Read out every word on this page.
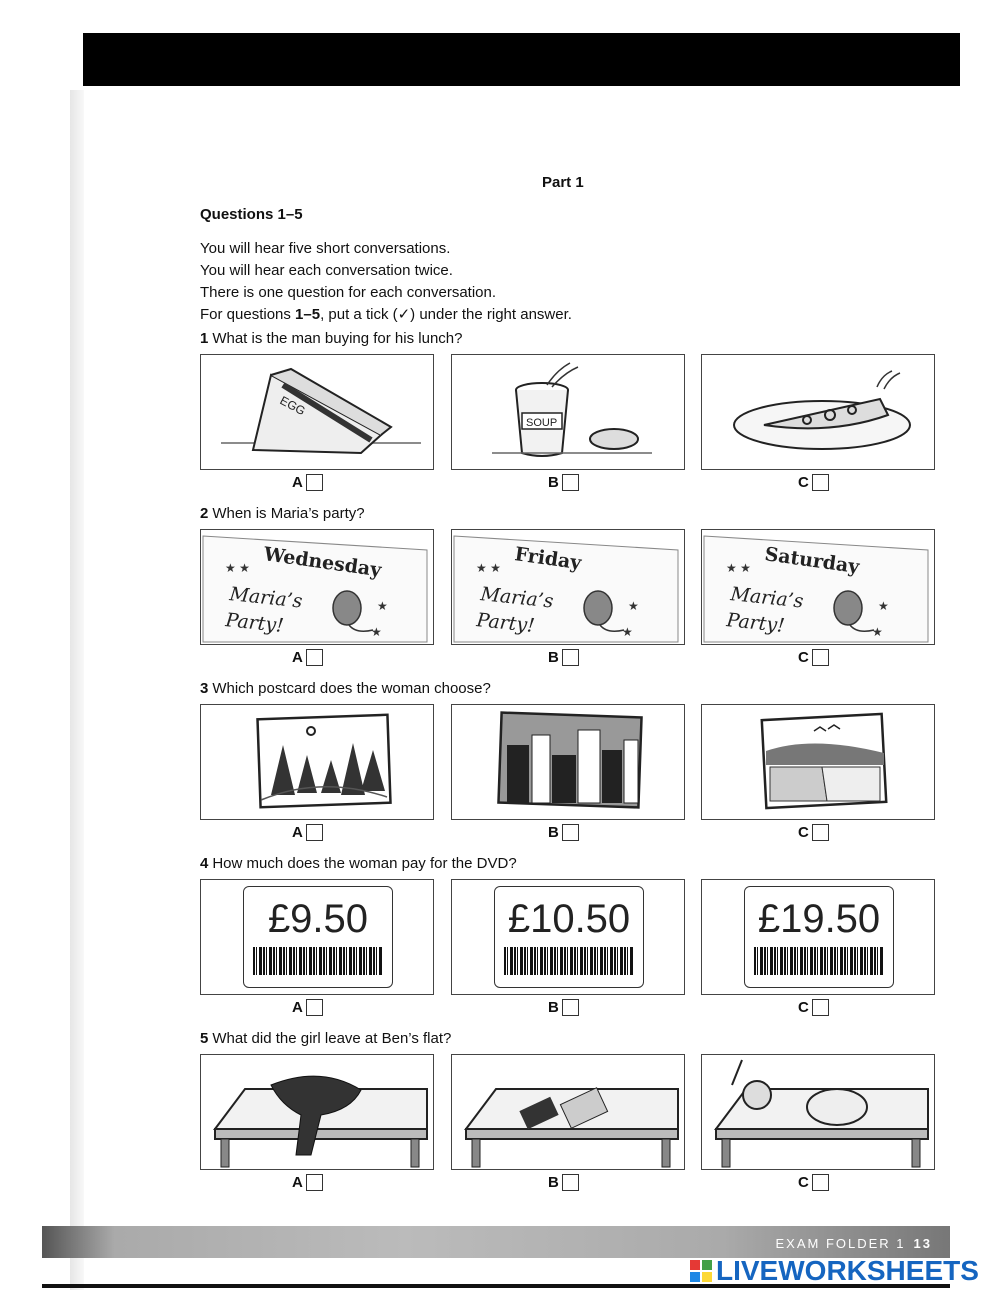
Part 1
Questions 1–5
You will hear five short conversations.
You will hear each conversation twice.
There is one question for each conversation.
For questions 1–5, put a tick (✓) under the right answer.
1 What is the man buying for his lunch?
EGG
A
SOUP
B	C
2 When is Maria’s party?
Wednesday
Maria’s
Party!
★ ★
★
★
A
Friday
Maria’s
Party!
★ ★
★
★
B
Saturday
Maria’s
Party!
★ ★
★
★
C
3 Which postcard does the woman choose?
A	B	C
4 How much does the woman pay for the DVD?
£9.50
A
£10.50
B
£19.50
C
5 What did the girl leave at Ben’s flat?
A	B	C
EXAM FOLDER 1 13
LIVEWORKSHEETS
